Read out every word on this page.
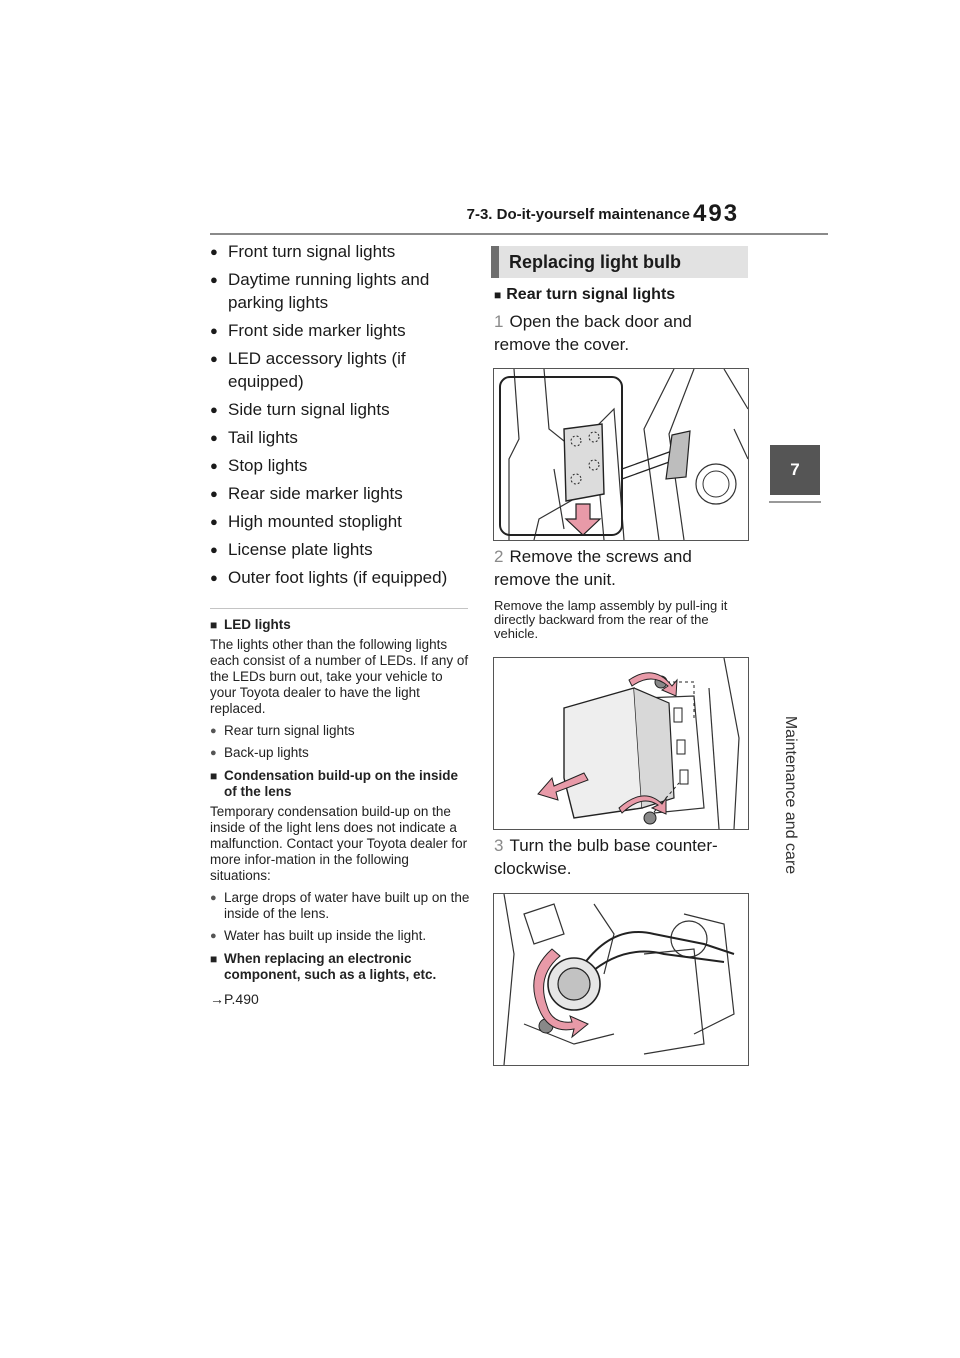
7-3. Do-it-yourself maintenance 493
7
Maintenance and care
● Front turn signal lights
● Daytime running lights and parking lights
● Front side marker lights
● LED accessory lights (if equipped)
● Side turn signal lights
● Tail lights
● Stop lights
● Rear side marker lights
● High mounted stoplight
● License plate lights
● Outer foot lights (if equipped)
■ LED lights

The lights other than the following lights each consist of a number of LEDs. If any of the LEDs burn out, take your vehicle to your Toyota dealer to have the light replaced.

● Rear turn signal lights
● Back-up lights
■ Condensation build-up on the inside of the lens

Temporary condensation build-up on the inside of the light lens does not indicate a malfunction. Contact your Toyota dealer for more infor-mation in the following situations:

● Large drops of water have built up on the inside of the lens.
● Water has built up inside the light.
■ When replacing an electronic component, such as a lights, etc.
→P.490
Replacing light bulb
■ Rear turn signal lights
1 Open the back door and remove the cover.
2 Remove the screws and remove the unit.
Remove the lamp assembly by pull-ing it directly backward from the rear of the vehicle.
3 Turn the bulb base counter-clockwise.
